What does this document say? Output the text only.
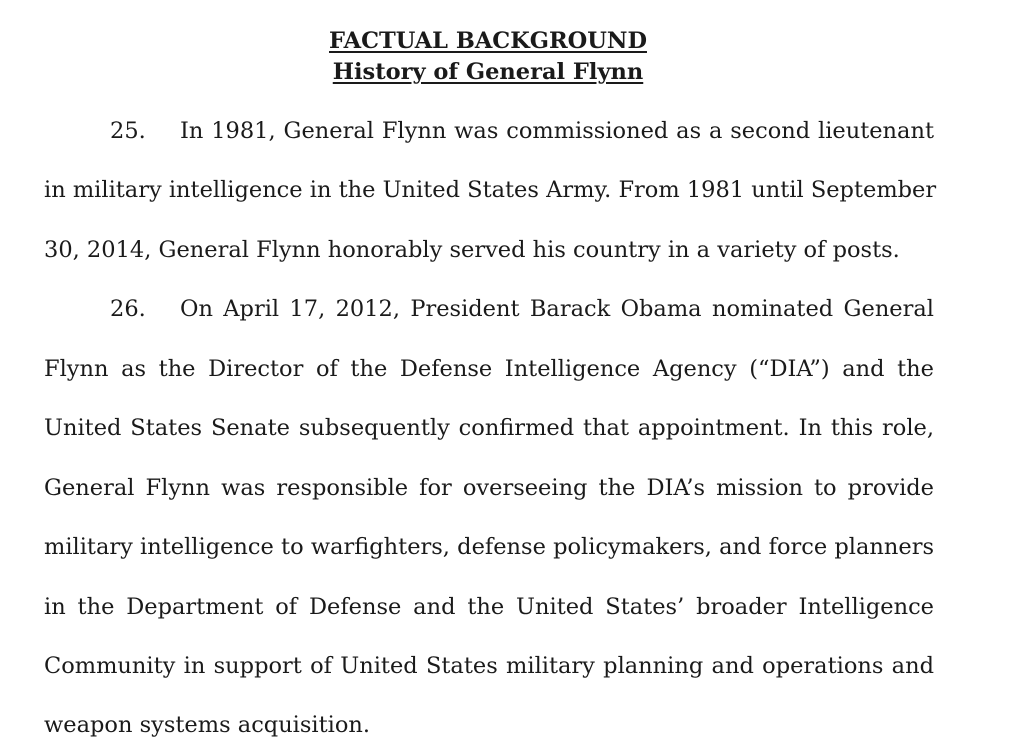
FACTUAL BACKGROUND
History of General Flynn
25. In 1981, General Flynn was commissioned as a second lieutenant
in military intelligence in the United States Army. From 1981 until September
30, 2014, General Flynn honorably served his country in a variety of posts.
26. On April 17, 2012, President Barack Obama nominated General
Flynn as the Director of the Defense Intelligence Agency (“DIA”) and the
United States Senate subsequently confirmed that appointment. In this role,
General Flynn was responsible for overseeing the DIA’s mission to provide
military intelligence to warfighters, defense policymakers, and force planners
in the Department of Defense and the United States’ broader Intelligence
Community in support of United States military planning and operations and
weapon systems acquisition.
